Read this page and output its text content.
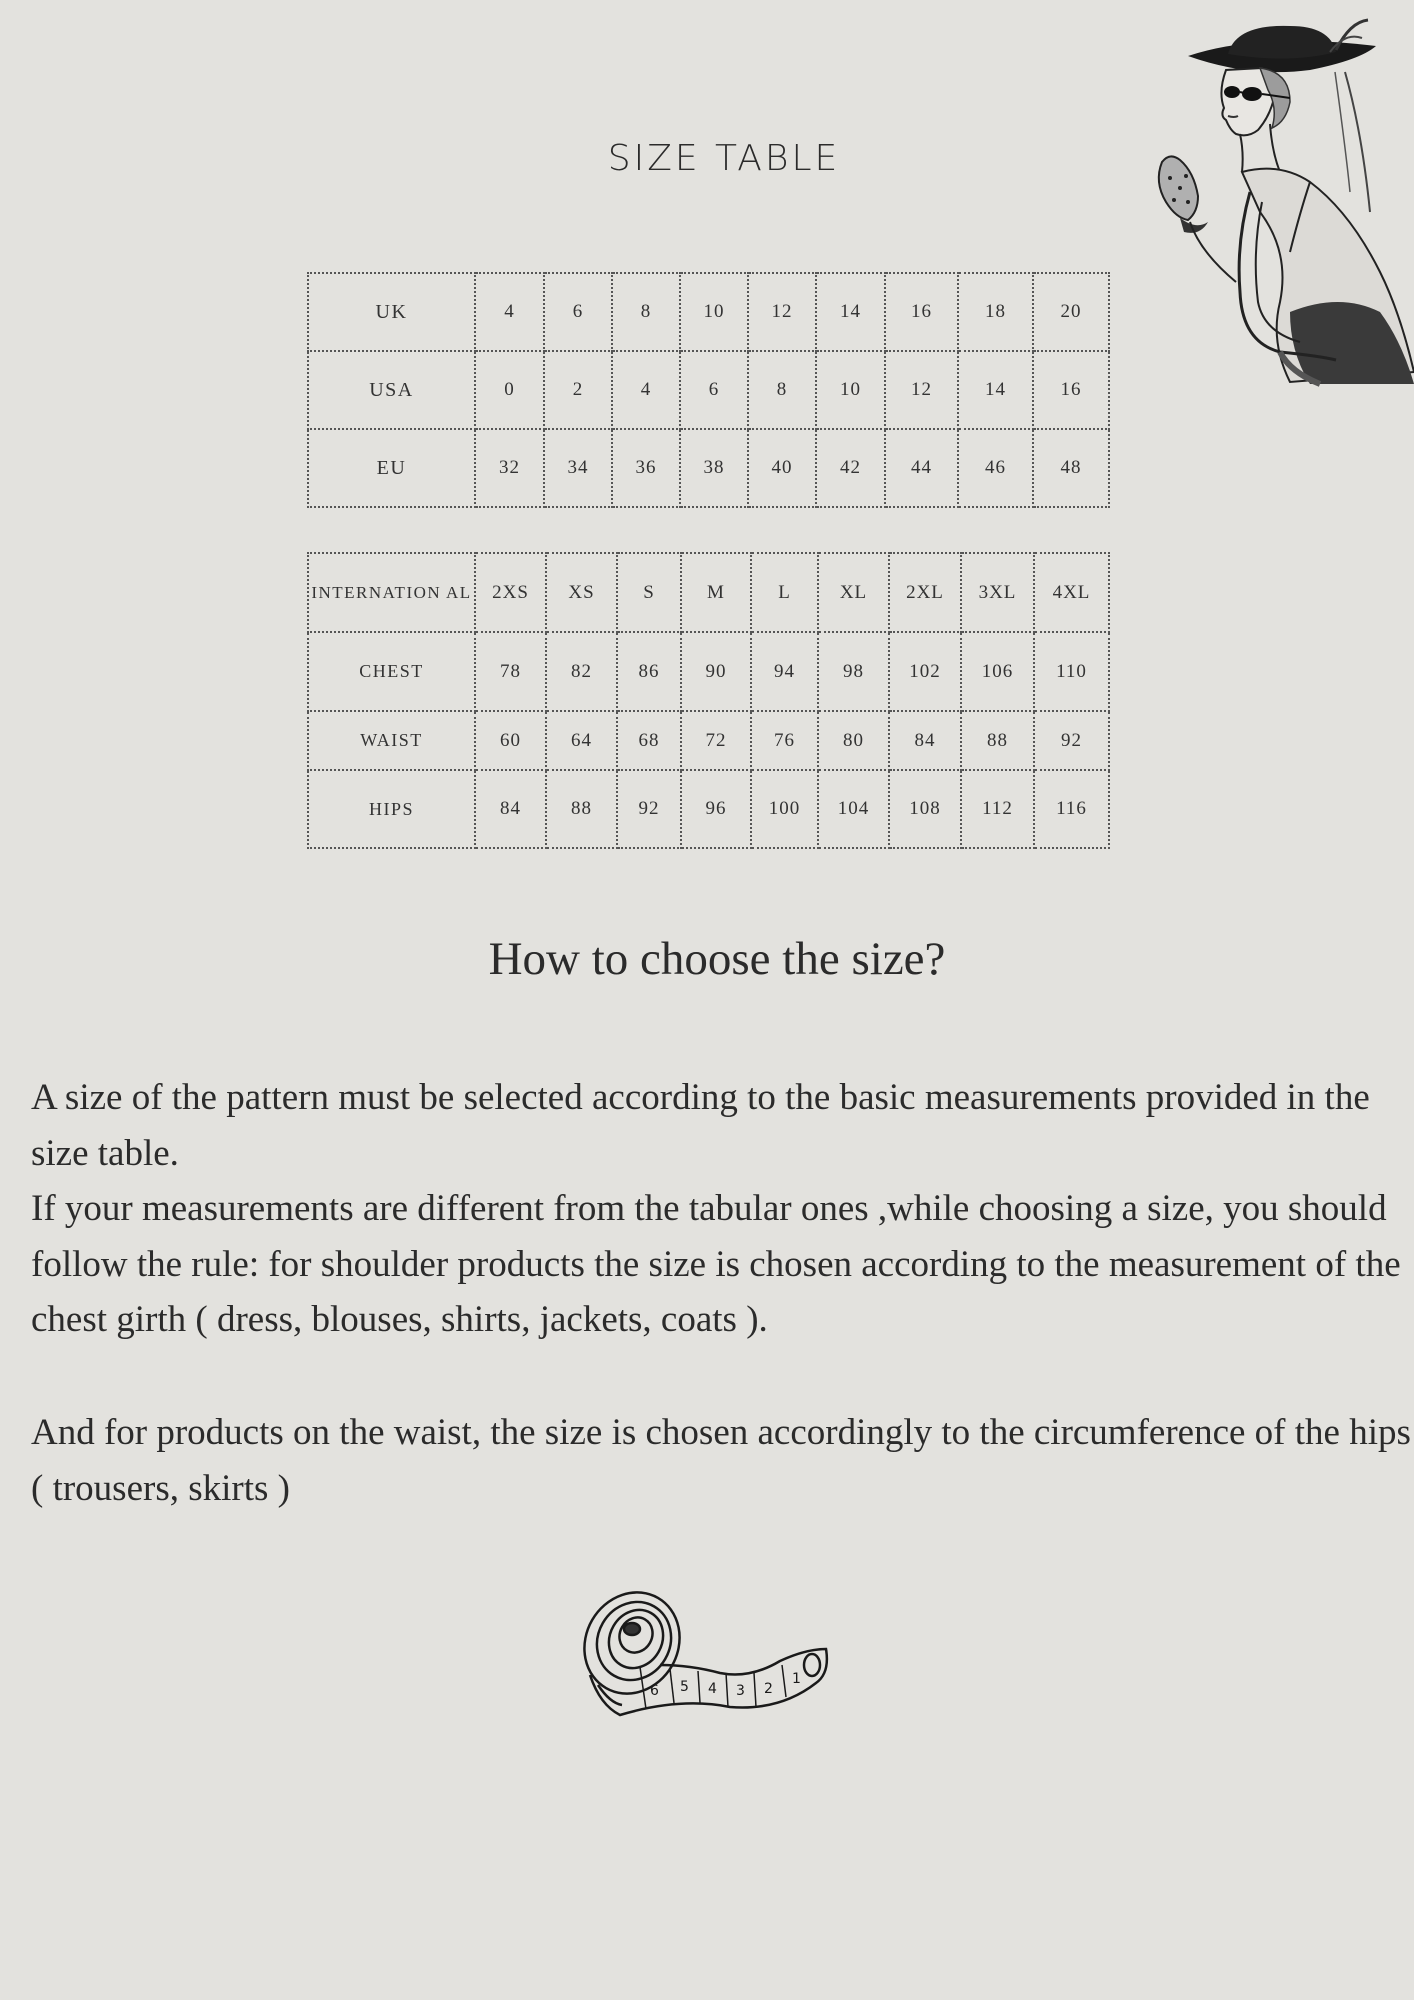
SIZE TABLE
UK	4	6	8	10	12	14	16	18	20
USA	0	2	4	6	8	10	12	14	16
EU	32	34	36	38	40	42	44	46	48
INTERNATION AL	2XS	XS	S	M	L	XL	2XL	3XL	4XL
CHEST	78	82	86	90	94	98	102	106	110
WAIST	60	64	68	72	76	80	84	88	92
HIPS	84	88	92	96	100	104	108	112	116
How to choose the size?
A size of the pattern must be selected according to the basic measurements provided in the size table.
If your measurements are different from the tabular ones ,while choosing a size, you should follow the rule: for shoulder products the size is chosen according to the measurement of the chest girth ( dress, blouses, shirts, jackets, coats ).
And for products on the waist, the size is chosen accordingly to the circumference of the hips ( trousers, skirts )
6 5 4 3 2
1
